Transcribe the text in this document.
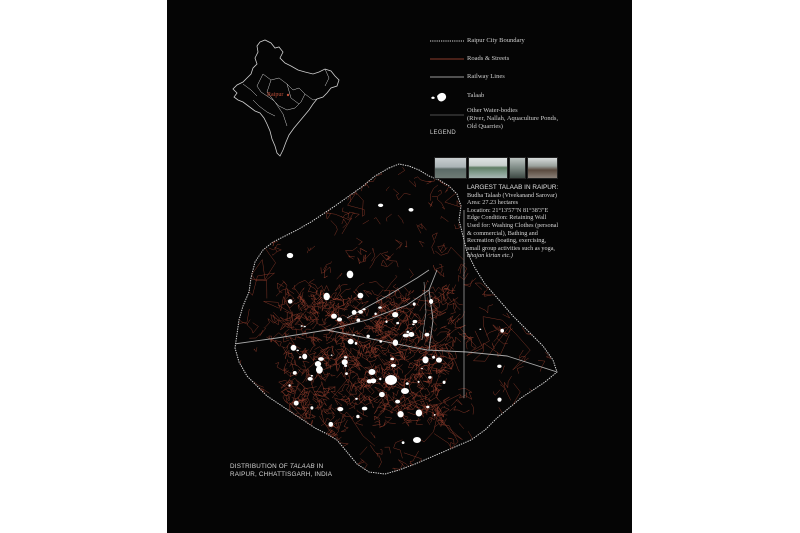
Raipur
Raipur City Boundary
Roads & Streets
Railway Lines
Talaab
Other Water-bodies
(River, Nallah, Aquaculture Ponds,
Old Quarries)
LEGEND
LARGEST TALAAB IN RAIPUR:
Budha Talaab (Vivekanand Sarovar)
Area: 27.23 hectares
Location: 21°13'57"N 81°38'3"E
Edge Condition: Retaining Wall
Used for: Washing Clothes (personal
& commercial), Bathing and
Recreation (boating, exercising,
small group activities such as yoga,
bhajan kirtan etc.)
DISTRIBUTION OF TALAAB IN
RAIPUR, CHHATTISGARH, INDIA
